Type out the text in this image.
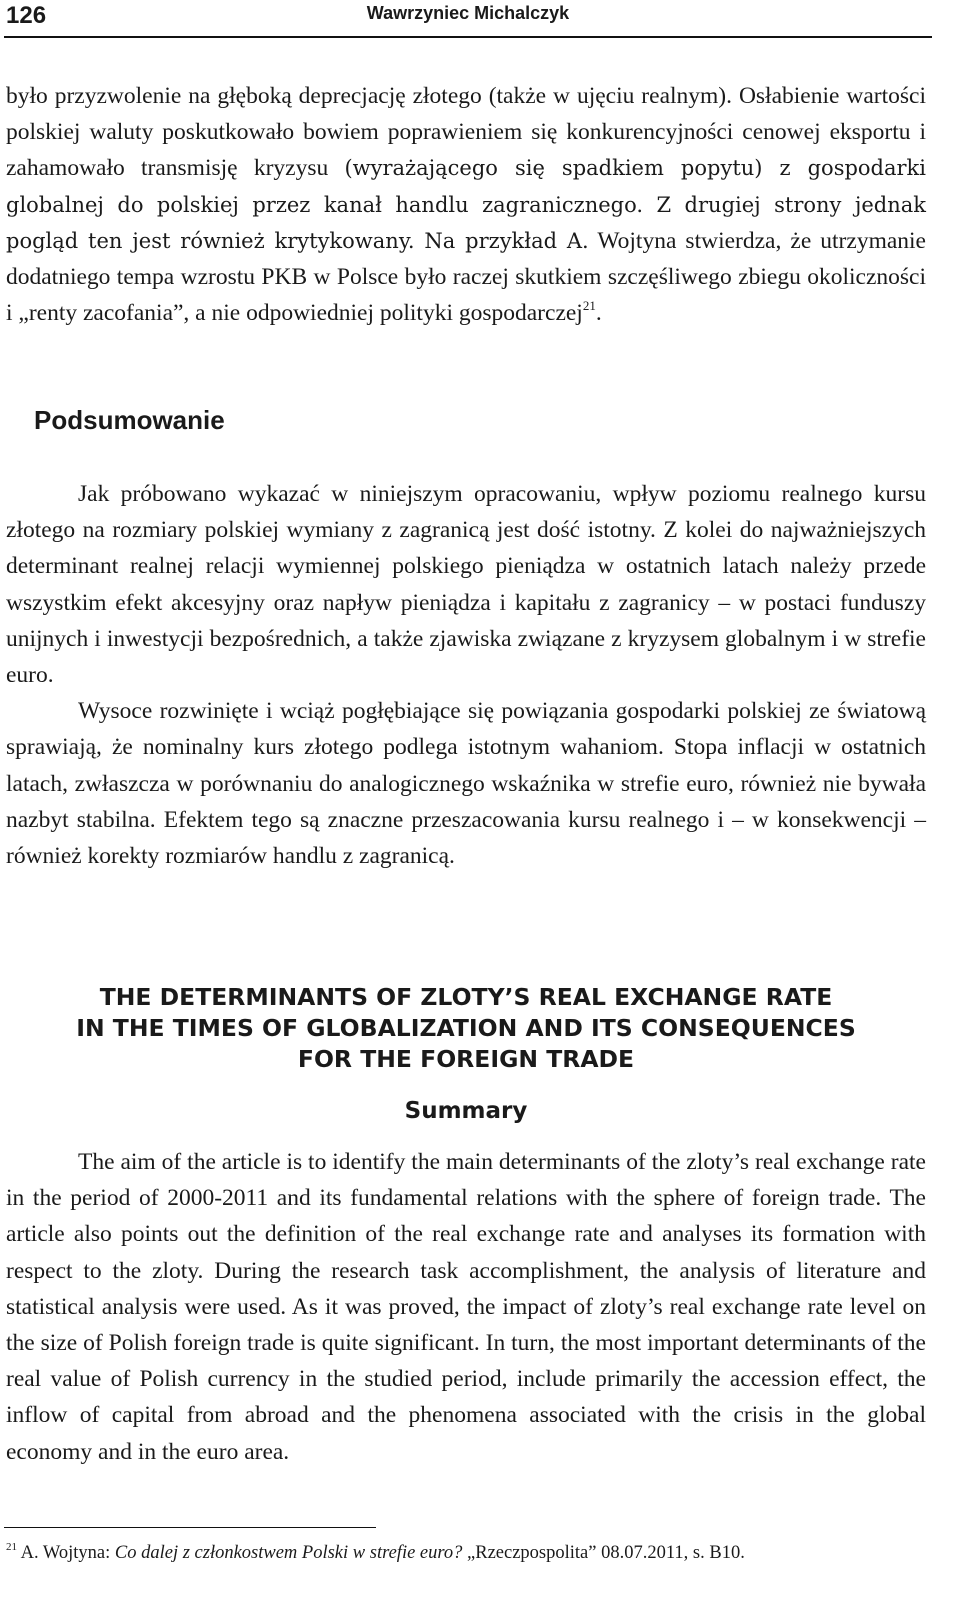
126	Wawrzyniec Michalczyk

było przyzwolenie na głęboką deprecjację złotego (także w ujęciu realnym). Osłabienie wartości polskiej waluty poskutkowało bowiem poprawieniem się konkurencyjności cenowej eksportu i zahamowało transmisję kryzysu (wyrażającego się spadkiem popytu) z gospodarki globalnej do polskiej przez kanał handlu zagranicznego. Z drugiej strony jednak pogląd ten jest również krytykowany. Na przykład A. Wojtyna stwierdza, że utrzymanie dodatniego tempa wzrostu PKB w Polsce było raczej skutkiem szczęśliwego zbiegu okoliczności i „renty zacofania”, a nie odpowiedniej polityki gospodarczej$^{21}$.

Podsumowanie

Jak próbowano wykazać w niniejszym opracowaniu, wpływ poziomu realnego kursu złotego na rozmiary polskiej wymiany z zagranicą jest dość istotny. Z kolei do najważniejszych determinant realnej relacji wymiennej polskiego pieniądza w ostatnich latach należy przede wszystkim efekt akcesyjny oraz napływ pieniądza i kapitału z zagranicy – w postaci funduszy unijnych i inwestycji bezpośrednich, a także zjawiska związane z kryzysem globalnym i w strefie euro.

Wysoce rozwinięte i wciąż pogłębiające się powiązania gospodarki polskiej ze światową sprawiają, że nominalny kurs złotego podlega istotnym wahaniom. Stopa inflacji w ostatnich latach, zwłaszcza w porównaniu do analogicznego wskaźnika w strefie euro, również nie bywała nazbyt stabilna. Efektem tego są znaczne przeszacowania kursu realnego i – w konsekwencji – również korekty rozmiarów handlu z zagranicą.

THE DETERMINANTS OF ZLOTY’S REAL EXCHANGE RATE
IN THE TIMES OF GLOBALIZATION AND ITS CONSEQUENCES
FOR THE FOREIGN TRADE
Summary

The aim of the article is to identify the main determinants of the zloty’s real exchange rate in the period of 2000-2011 and its fundamental relations with the sphere of foreign trade. The article also points out the definition of the real exchange rate and analyses its formation with respect to the zloty. During the research task accomplishment, the analysis of literature and statistical analysis were used. As it was proved, the impact of zloty’s real exchange rate level on the size of Polish foreign trade is quite significant. In turn, the most important determinants of the real value of Polish currency in the studied period, include primarily the accession effect, the inflow of capital from abroad and the phenomena associated with the crisis in the global economy and in the euro area.

$^{21}$ A. Wojtyna: Co dalej z członkostwem Polski w strefie euro? „Rzeczpospolita” 08.07.2011, s. B10.
